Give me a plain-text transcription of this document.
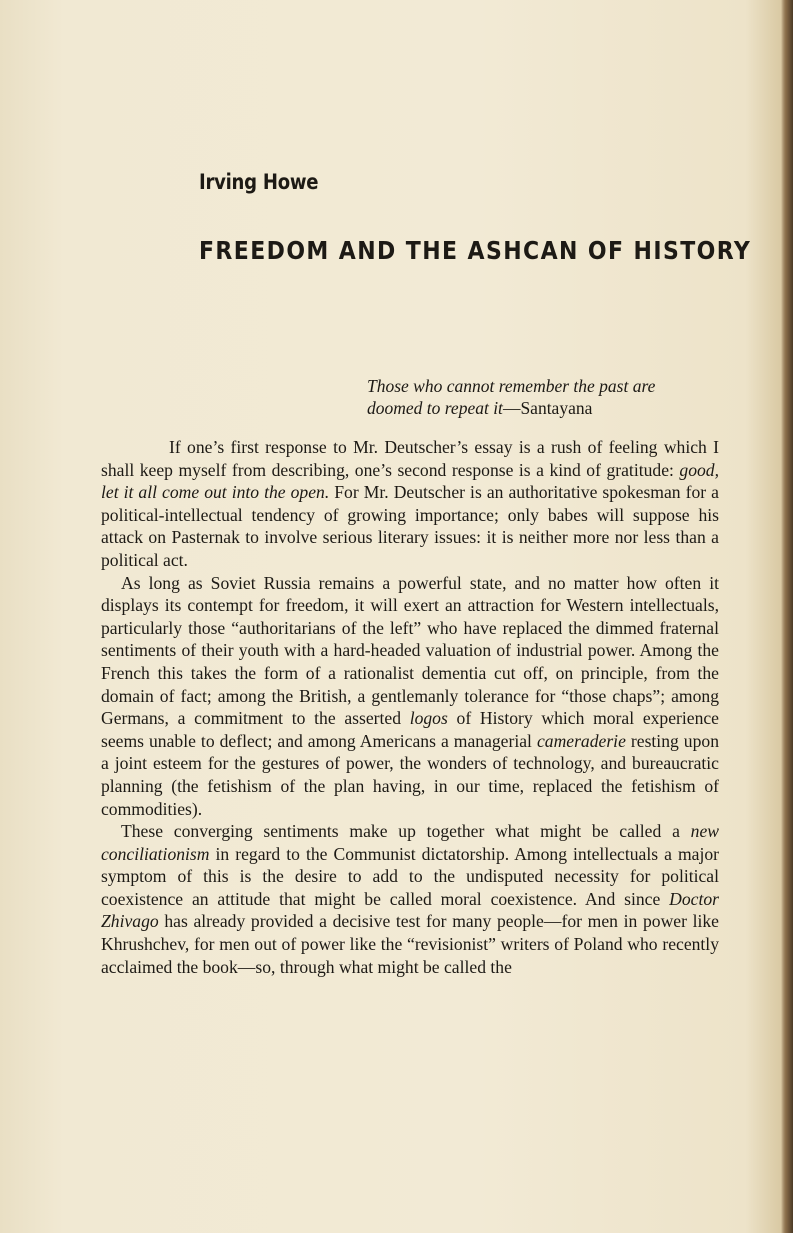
Irving Howe
FREEDOM AND THE ASHCAN OF HISTORY
Those who cannot remember the past are
doomed to repeat it—Santayana

If one’s first response to Mr. Deutscher’s essay is a rush of feeling which I shall keep myself from describing, one’s second response is a kind of gratitude: good, let it all come out into the open. For Mr. Deutscher is an authoritative spokesman for a political-intellectual tendency of growing importance; only babes will suppose his attack on Pasternak to involve serious literary issues: it is neither more nor less than a political act.

As long as Soviet Russia remains a powerful state, and no matter how often it displays its contempt for freedom, it will exert an attraction for Western intellectuals, particularly those “authoritarians of the left” who have replaced the dimmed fraternal sentiments of their youth with a hard-headed valuation of industrial power. Among the French this takes the form of a rationalist dementia cut off, on principle, from the domain of fact; among the British, a gentlemanly tolerance for “those chaps”; among Germans, a commitment to the asserted logos of History which moral experience seems unable to deflect; and among Americans a managerial cameraderie resting upon a joint esteem for the gestures of power, the wonders of technology, and bureaucratic planning (the fetishism of the plan having, in our time, replaced the fetishism of commodities).

These converging sentiments make up together what might be called a new conciliationism in regard to the Communist dictatorship. Among intellectuals a major symptom of this is the desire to add to the undisputed necessity for political coexistence an attitude that might be called moral coexistence. And since Doctor Zhivago has already provided a decisive test for many people—for men in power like Khrushchev, for men out of power like the “revisionist” writers of Poland who recently acclaimed the book—so, through what might be called the
